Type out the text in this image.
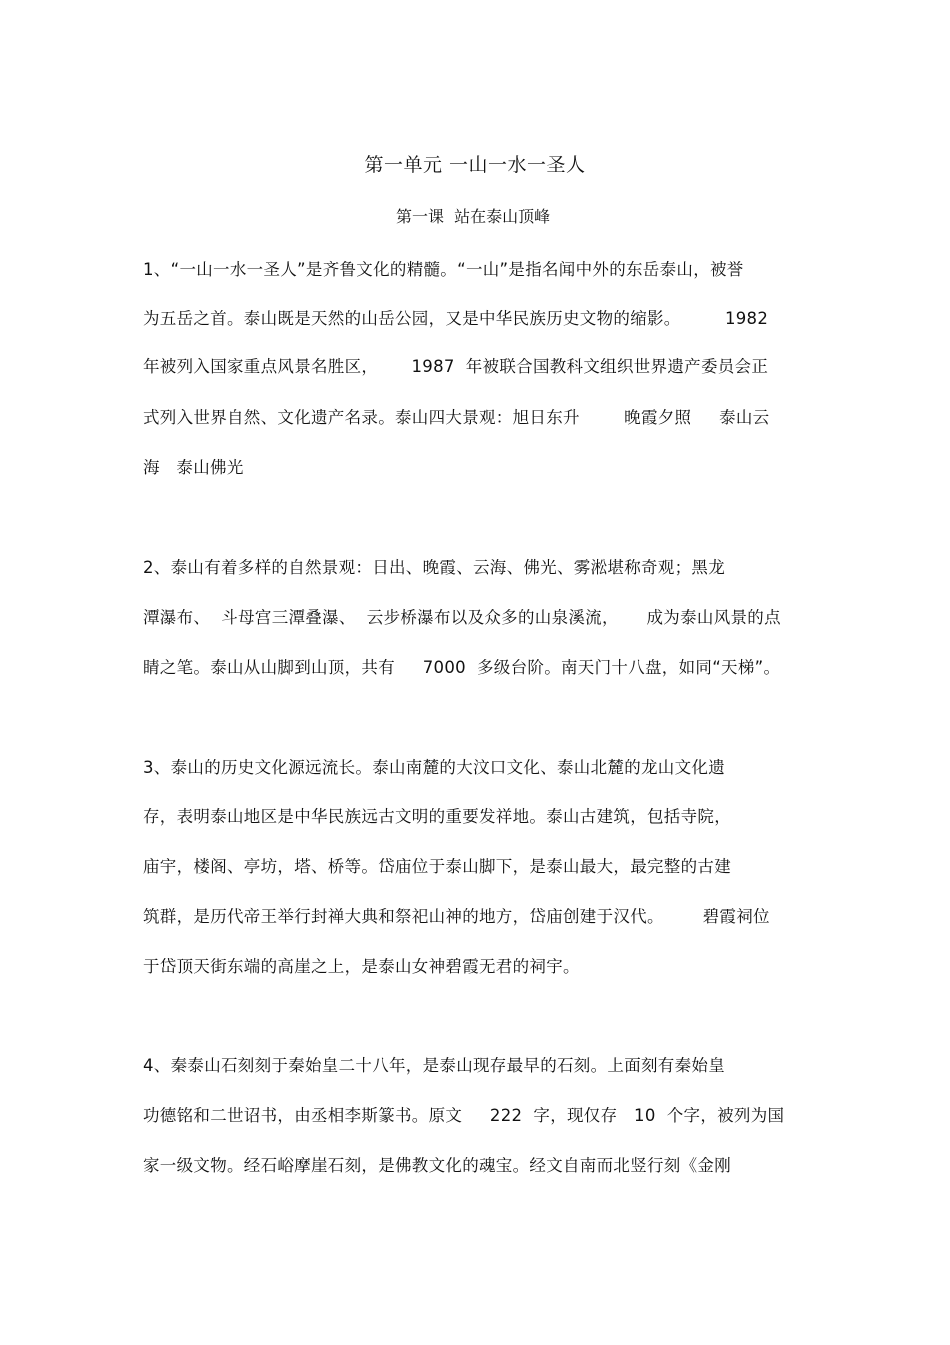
第一单元 一山一水一圣人
第一课  站在泰山顶峰
1、“一山一水一圣人”是齐鲁文化的精髓。“一山”是指名闻中外的东岳泰山，被誉
为五岳之首。泰山既是天然的山岳公园，又是中华民族历史文物的缩影。        1982
年被列入国家重点风景名胜区，      1987  年被联合国教科文组织世界遗产委员会正
式列入世界自然、文化遗产名录。泰山四大景观：旭日东升        晚霞夕照     泰山云
海   泰山佛光
2、泰山有着多样的自然景观：日出、晚霞、云海、佛光、雾淞堪称奇观；黑龙
潭瀑布、  斗母宫三潭叠瀑、  云步桥瀑布以及众多的山泉溪流，     成为泰山风景的点
睛之笔。泰山从山脚到山顶，共有     7000  多级台阶。南天门十八盘，如同“天梯”。
3、泰山的历史文化源远流长。泰山南麓的大汶口文化、泰山北麓的龙山文化遗
存，表明泰山地区是中华民族远古文明的重要发祥地。泰山古建筑，包括寺院，
庙宇，楼阁、亭坊，塔、桥等。岱庙位于泰山脚下，是泰山最大，最完整的古建
筑群，是历代帝王举行封禅大典和祭祀山神的地方，岱庙创建于汉代。       碧霞祠位
于岱顶天街东端的高崖之上，是泰山女神碧霞无君的祠宇。
4、秦泰山石刻刻于秦始皇二十八年，是泰山现存最早的石刻。上面刻有秦始皇
功德铭和二世诏书，由丞相李斯篆书。原文     222  字，现仅存   10  个字，被列为国
家一级文物。经石峪摩崖石刻，是佛教文化的魂宝。经文自南而北竖行刻《金刚
